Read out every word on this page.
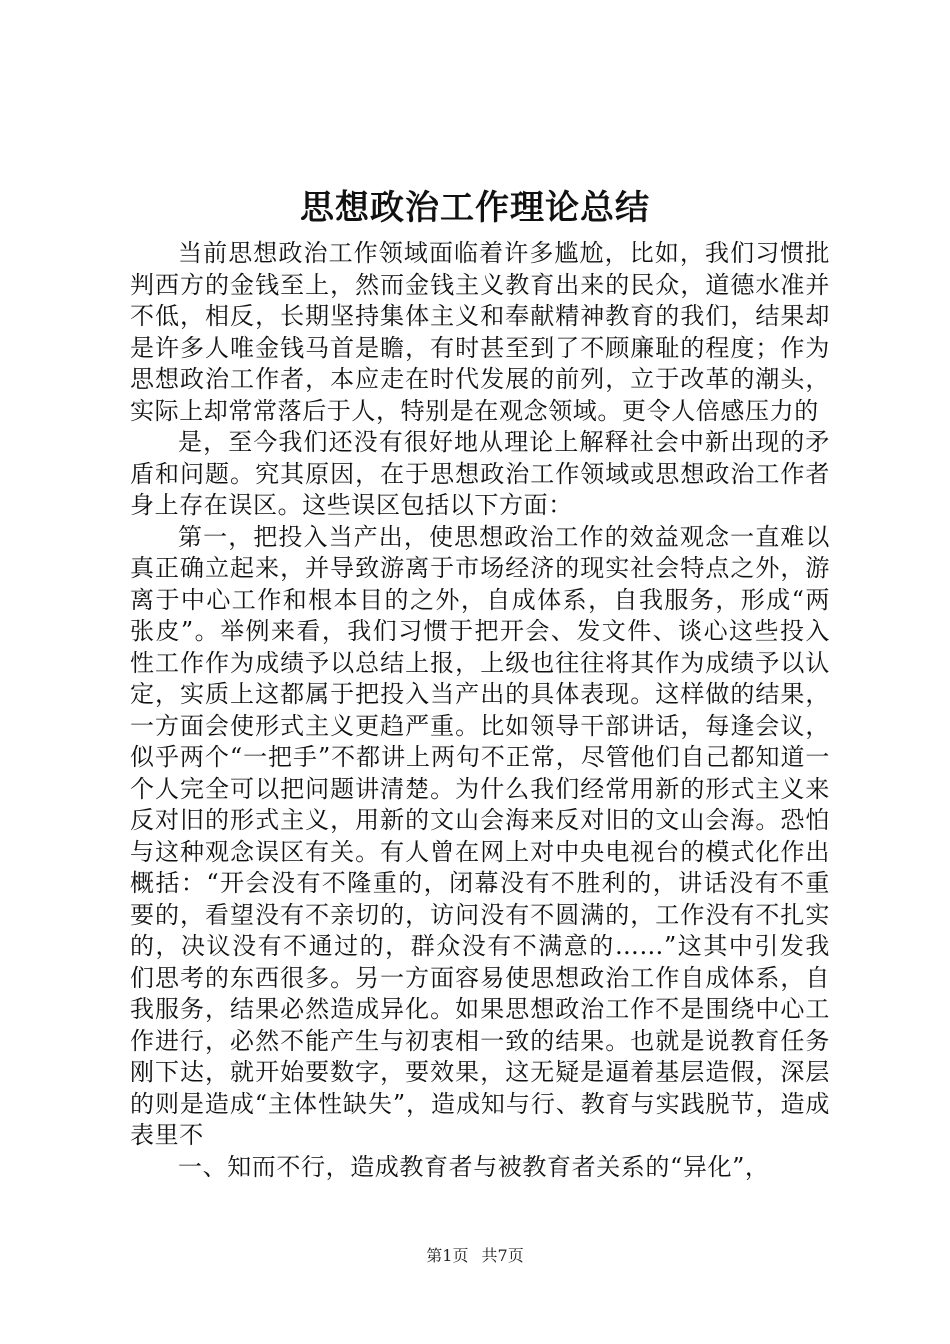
思想政治工作理论总结

当前思想政治工作领域面临着许多尴尬，比如，我们习惯批判西方的金钱至上，然而金钱主义教育出来的民众，道德水准并不低，相反，长期坚持集体主义和奉献精神教育的我们，结果却是许多人唯金钱马首是瞻，有时甚至到了不顾廉耻的程度；作为思想政治工作者，本应走在时代发展的前列，立于改革的潮头，实际上却常常落后于人，特别是在观念领域。更令人倍感压力的

是，至今我们还没有很好地从理论上解释社会中新出现的矛盾和问题。究其原因，在于思想政治工作领域或思想政治工作者身上存在误区。这些误区包括以下方面：

第一，把投入当产出，使思想政治工作的效益观念一直难以真正确立起来，并导致游离于市场经济的现实社会特点之外，游离于中心工作和根本目的之外，自成体系，自我服务，形成“两张皮”。举例来看，我们习惯于把开会、发文件、谈心这些投入性工作作为成绩予以总结上报，上级也往往将其作为成绩予以认定，实质上这都属于把投入当产出的具体表现。这样做的结果，一方面会使形式主义更趋严重。比如领导干部讲话，每逢会议，似乎两个“一把手”不都讲上两句不正常，尽管他们自己都知道一个人完全可以把问题讲清楚。为什么我们经常用新的形式主义来反对旧的形式主义，用新的文山会海来反对旧的文山会海。恐怕与这种观念误区有关。有人曾在网上对中央电视台的模式化作出概括：“开会没有不隆重的，闭幕没有不胜利的，讲话没有不重要的，看望没有不亲切的，访问没有不圆满的，工作没有不扎实的，决议没有不通过的，群众没有不满意的……”这其中引发我们思考的东西很多。另一方面容易使思想政治工作自成体系，自我服务，结果必然造成异化。如果思想政治工作不是围绕中心工作进行，必然不能产生与初衷相一致的结果。也就是说教育任务刚下达，就开始要数字，要效果，这无疑是逼着基层造假，深层的则是造成“主体性缺失”，造成知与行、教育与实践脱节，造成表里不

一、知而不行，造成教育者与被教育者关系的“异化”，

第1页 共7页
